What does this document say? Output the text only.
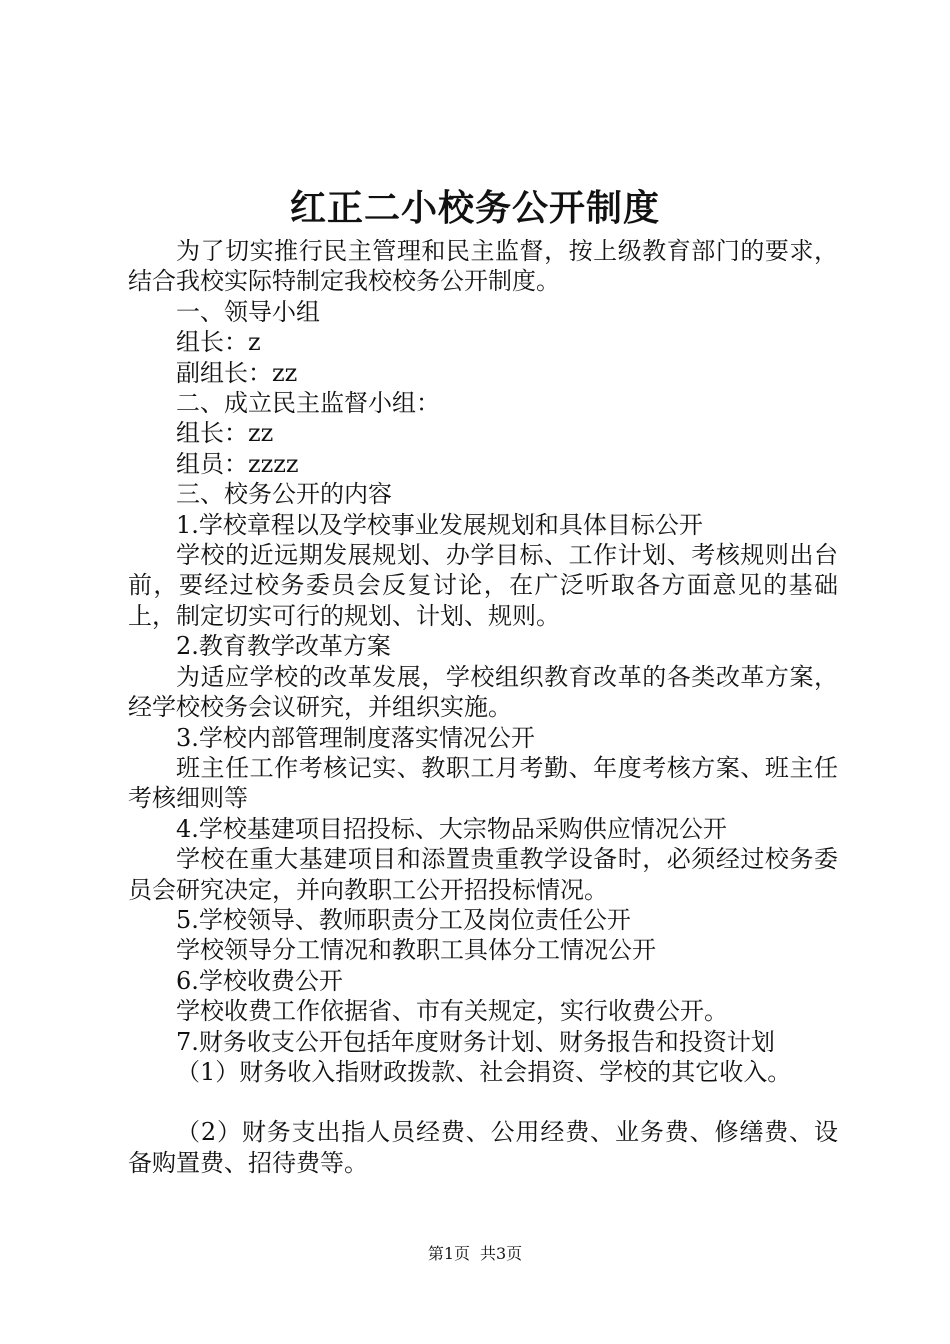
红正二小校务公开制度

为了切实推行民主管理和民主监督，按上级教育部门的要求，结合我校实际特制定我校校务公开制度。

一、领导小组

组长：z

副组长：zz

二、成立民主监督小组：

组长：zz

组员：zzzz

三、校务公开的内容

1.学校章程以及学校事业发展规划和具体目标公开

学校的近远期发展规划、办学目标、工作计划、考核规则出台前，要经过校务委员会反复讨论，在广泛听取各方面意见的基础上，制定切实可行的规划、计划、规则。

2.教育教学改革方案

为适应学校的改革发展，学校组织教育改革的各类改革方案，经学校校务会议研究，并组织实施。

3.学校内部管理制度落实情况公开

班主任工作考核记实、教职工月考勤、年度考核方案、班主任考核细则等

4.学校基建项目招投标、大宗物品采购供应情况公开

学校在重大基建项目和添置贵重教学设备时，必须经过校务委员会研究决定，并向教职工公开招投标情况。

5.学校领导、教师职责分工及岗位责任公开

学校领导分工情况和教职工具体分工情况公开

6.学校收费公开

学校收费工作依据省、市有关规定，实行收费公开。

7.财务收支公开包括年度财务计划、财务报告和投资计划

（1）财务收入指财政拨款、社会捐资、学校的其它收入。

（2）财务支出指人员经费、公用经费、业务费、修缮费、设备购置费、招待费等。

第1页 共3页
